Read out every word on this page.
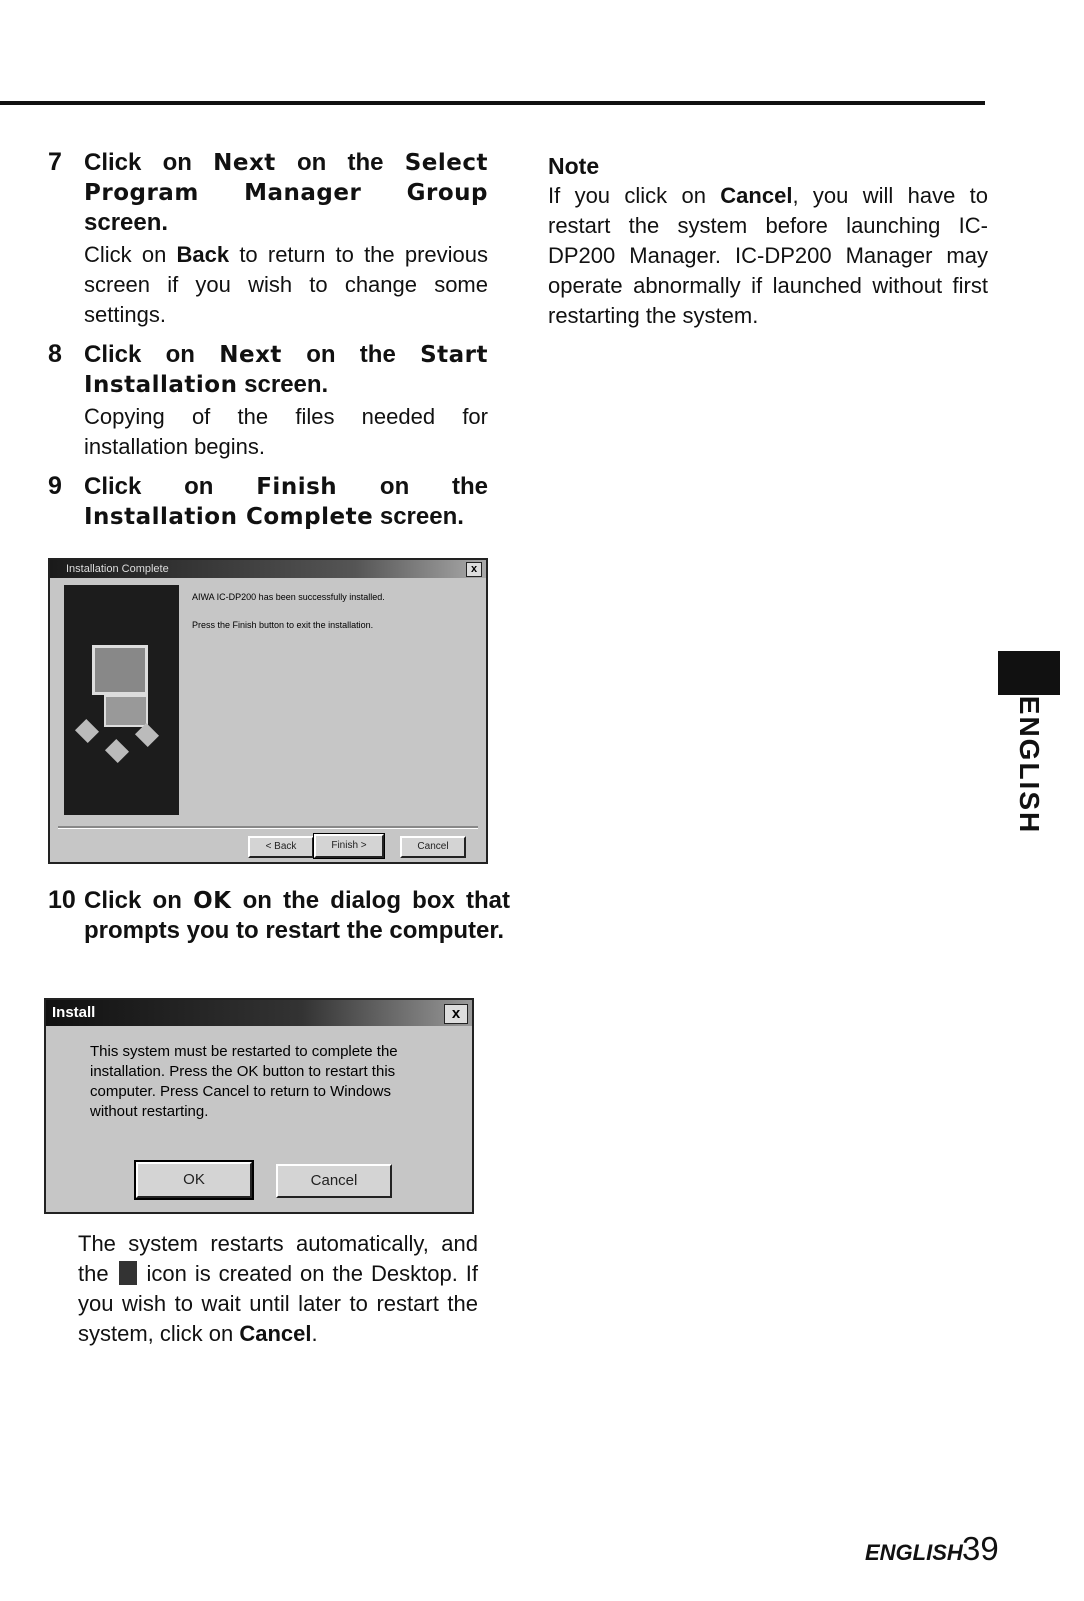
7 Click on Next on the Select Program Manager Group screen.
Click on Back to return to the previous screen if you wish to change some settings.
8 Click on Next on the Start Installation screen.
Copying of the files needed for installation begins.
9 Click on Finish on the Installation Complete screen.
Installation Complete	x
AIWA IC-DP200 has been successfully installed.
Press the Finish button to exit the installation.
< Back	Finish >	Cancel
10 Click on OK on the dialog box that prompts you to restart the computer.
Install	x
This system must be restarted to complete the installation. Press the OK button to restart this computer. Press Cancel to return to Windows without restarting.
OK	Cancel
The system restarts automatically, and the  icon is created on the Desktop. If you wish to wait until later to restart the system, click on Cancel.
Note
If you click on Cancel, you will have to restart the system before launching IC-DP200 Manager. IC-DP200 Manager may operate abnormally if launched without first restarting the system.
ENGLISH
ENGLISH 39
